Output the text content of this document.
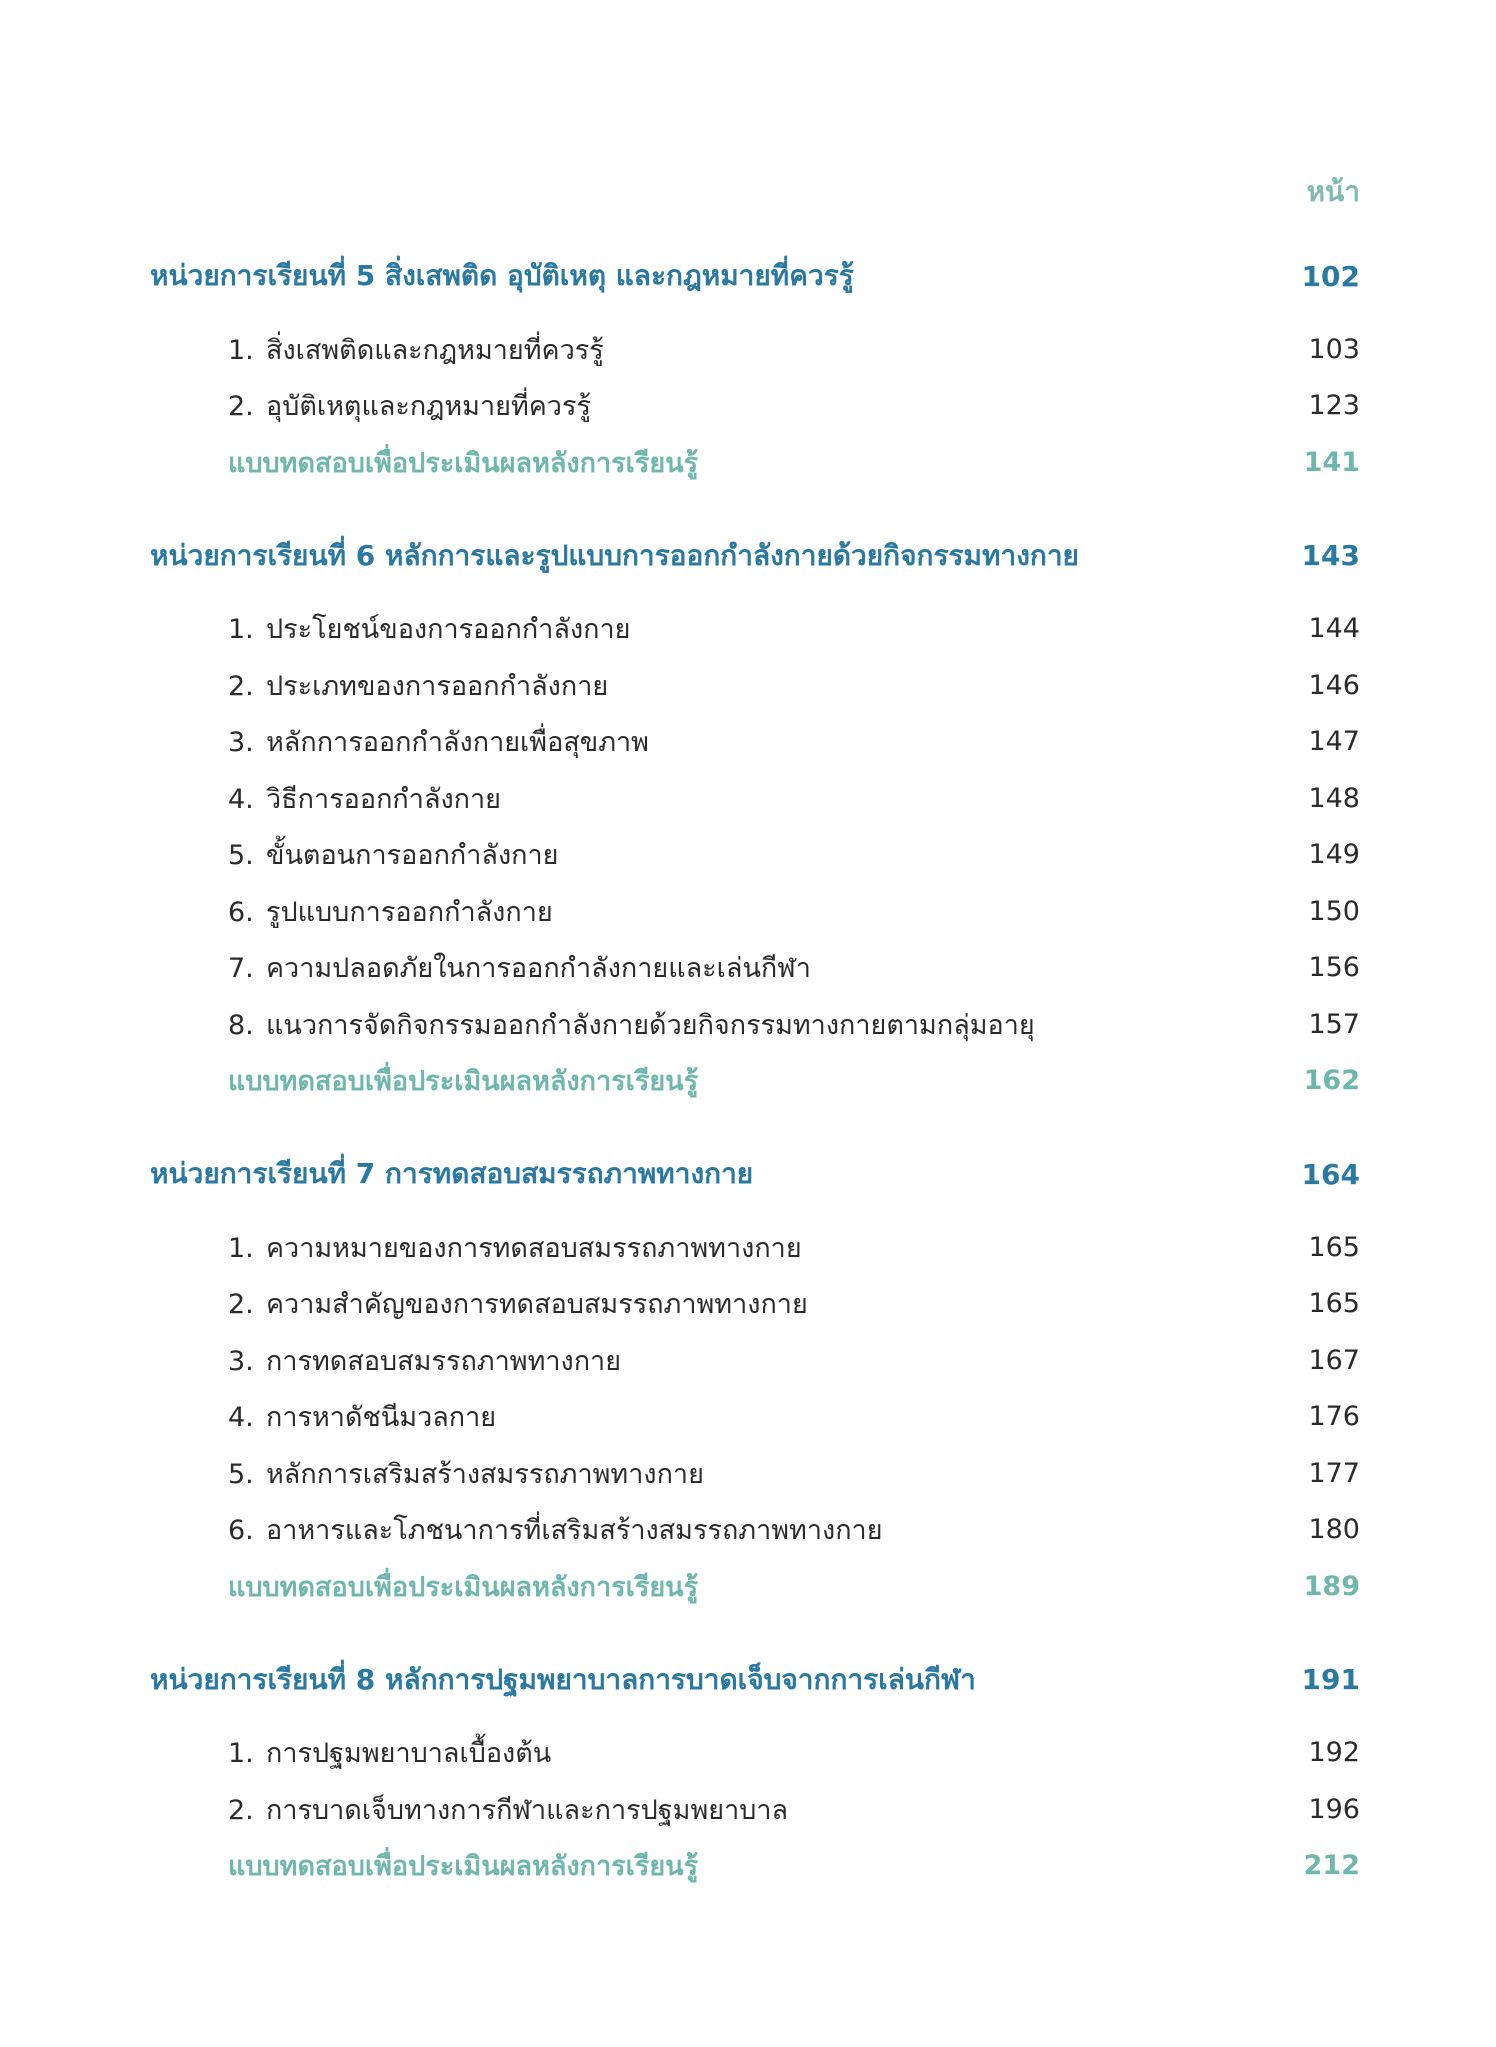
หน้า
หน่วยการเรียนที่ 5 สิ่งเสพติด อุบัติเหตุ และกฎหมายที่ควรรู้	102
1. สิ่งเสพติดและกฎหมายที่ควรรู้	103
2. อุบัติเหตุและกฎหมายที่ควรรู้	123
แบบทดสอบเพื่อประเมินผลหลังการเรียนรู้	141
หน่วยการเรียนที่ 6 หลักการและรูปแบบการออกกำลังกายด้วยกิจกรรมทางกาย	143
1. ประโยชน์ของการออกกำลังกาย	144
2. ประเภทของการออกกำลังกาย	146
3. หลักการออกกำลังกายเพื่อสุขภาพ	147
4. วิธีการออกกำลังกาย	148
5. ขั้นตอนการออกกำลังกาย	149
6. รูปแบบการออกกำลังกาย	150
7. ความปลอดภัยในการออกกำลังกายและเล่นกีฬา	156
8. แนวการจัดกิจกรรมออกกำลังกายด้วยกิจกรรมทางกายตามกลุ่มอายุ	157
แบบทดสอบเพื่อประเมินผลหลังการเรียนรู้	162
หน่วยการเรียนที่ 7 การทดสอบสมรรถภาพทางกาย	164
1. ความหมายของการทดสอบสมรรถภาพทางกาย	165
2. ความสำคัญของการทดสอบสมรรถภาพทางกาย	165
3. การทดสอบสมรรถภาพทางกาย	167
4. การหาดัชนีมวลกาย	176
5. หลักการเสริมสร้างสมรรถภาพทางกาย	177
6. อาหารและโภชนาการที่เสริมสร้างสมรรถภาพทางกาย	180
แบบทดสอบเพื่อประเมินผลหลังการเรียนรู้	189
หน่วยการเรียนที่ 8 หลักการปฐมพยาบาลการบาดเจ็บจากการเล่นกีฬา	191
1. การปฐมพยาบาลเบื้องต้น	192
2. การบาดเจ็บทางการกีฬาและการปฐมพยาบาล	196
แบบทดสอบเพื่อประเมินผลหลังการเรียนรู้	212
